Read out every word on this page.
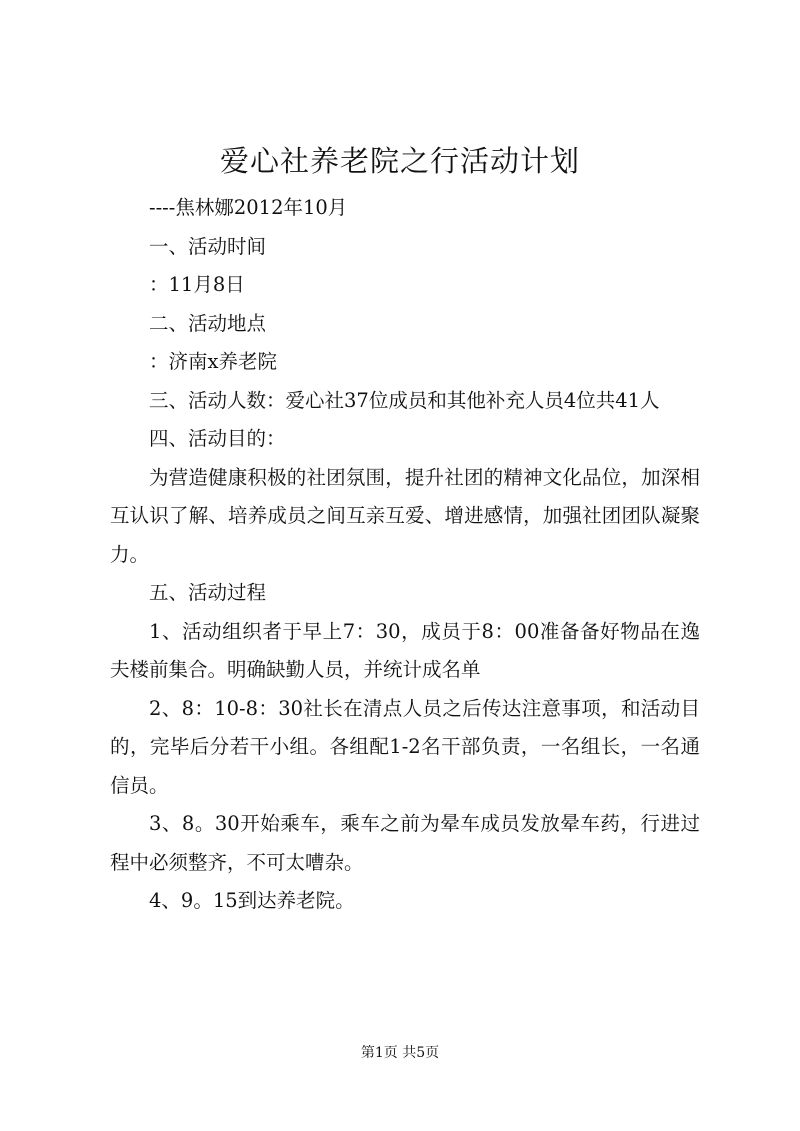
爱心社养老院之行活动计划

----焦林娜2012年10月

一、活动时间

：11月8日

二、活动地点

：济南x养老院

三、活动人数：爱心社37位成员和其他补充人员4位共41人

四、活动目的：

为营造健康积极的社团氛围，提升社团的精神文化品位，加深相互认识了解、培养成员之间互亲互爱、增进感情，加强社团团队凝聚力。

五、活动过程

1、活动组织者于早上7：30，成员于8：00准备备好物品在逸夫楼前集合。明确缺勤人员，并统计成名单

2、8：10-8：30社长在清点人员之后传达注意事项，和活动目的，完毕后分若干小组。各组配1-2名干部负责，一名组长，一名通信员。

3、8。30开始乘车，乘车之前为晕车成员发放晕车药，行进过程中必须整齐，不可太嘈杂。

4、9。15到达养老院。

第1页 共5页
